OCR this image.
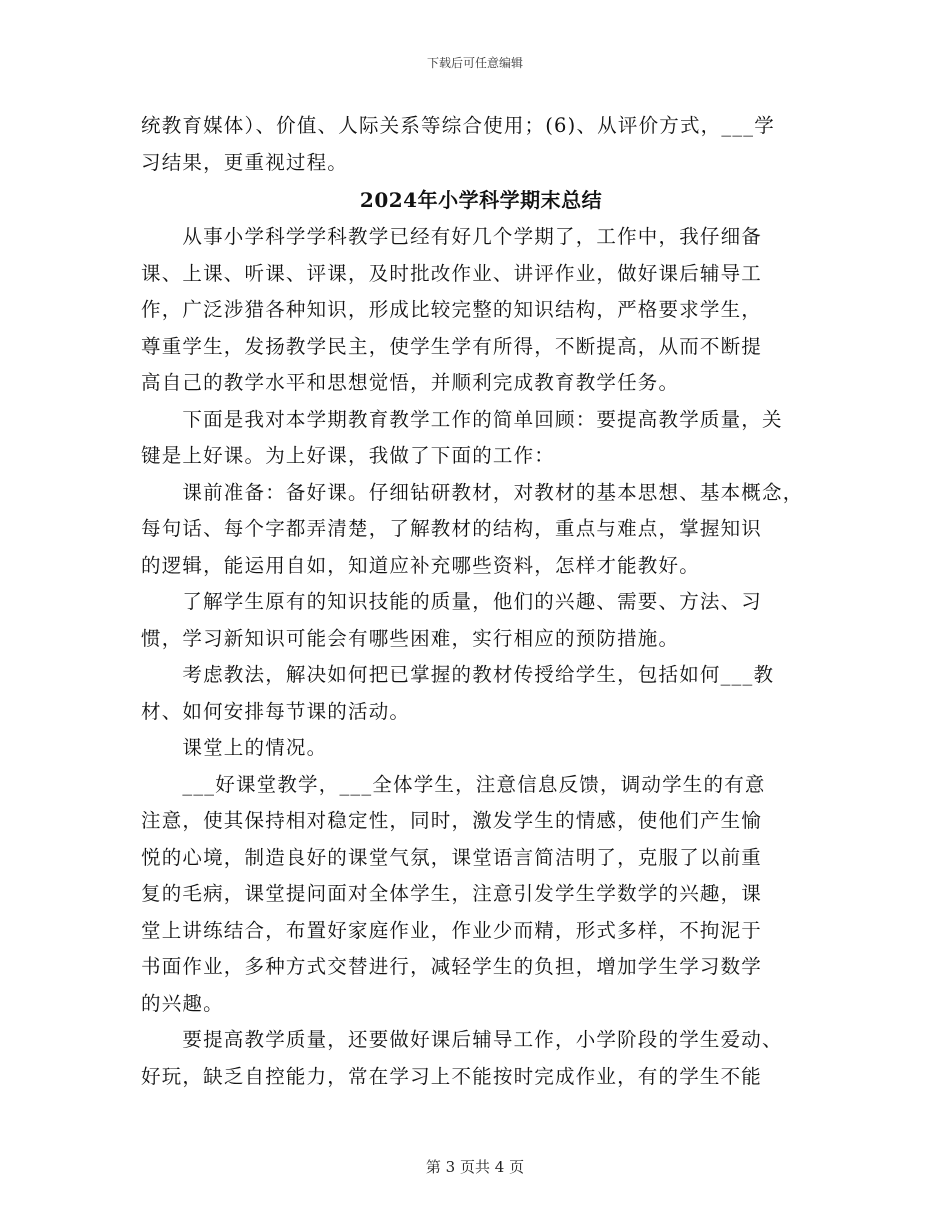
下载后可任意编辑

统教育媒体）、价值、人际关系等综合使用；(6)、从评价方式，___学

习结果，更重视过程。

2024年小学科学期末总结

　　从事小学科学学科教学已经有好几个学期了，工作中，我仔细备

课、上课、听课、评课，及时批改作业、讲评作业，做好课后辅导工

作，广泛涉猎各种知识，形成比较完整的知识结构，严格要求学生，

尊重学生，发扬教学民主，使学生学有所得，不断提高，从而不断提

高自己的教学水平和思想觉悟，并顺利完成教育教学任务。

　　下面是我对本学期教育教学工作的简单回顾：要提高教学质量，关

键是上好课。为上好课，我做了下面的工作：

　　课前准备：备好课。仔细钻研教材，对教材的基本思想、基本概念，

每句话、每个字都弄清楚，了解教材的结构，重点与难点，掌握知识

的逻辑，能运用自如，知道应补充哪些资料，怎样才能教好。

　　了解学生原有的知识技能的质量，他们的兴趣、需要、方法、习

惯，学习新知识可能会有哪些困难，实行相应的预防措施。

　　考虑教法，解决如何把已掌握的教材传授给学生，包括如何___教

材、如何安排每节课的活动。

　　课堂上的情况。

　　___好课堂教学，___全体学生，注意信息反馈，调动学生的有意

注意，使其保持相对稳定性，同时，激发学生的情感，使他们产生愉

悦的心境，制造良好的课堂气氛，课堂语言简洁明了，克服了以前重

复的毛病，课堂提问面对全体学生，注意引发学生学数学的兴趣，课

堂上讲练结合，布置好家庭作业，作业少而精，形式多样，不拘泥于

书面作业，多种方式交替进行，减轻学生的负担，增加学生学习数学

的兴趣。

　　要提高教学质量，还要做好课后辅导工作，小学阶段的学生爱动、

好玩，缺乏自控能力，常在学习上不能按时完成作业，有的学生不能

第 3 页共 4 页
